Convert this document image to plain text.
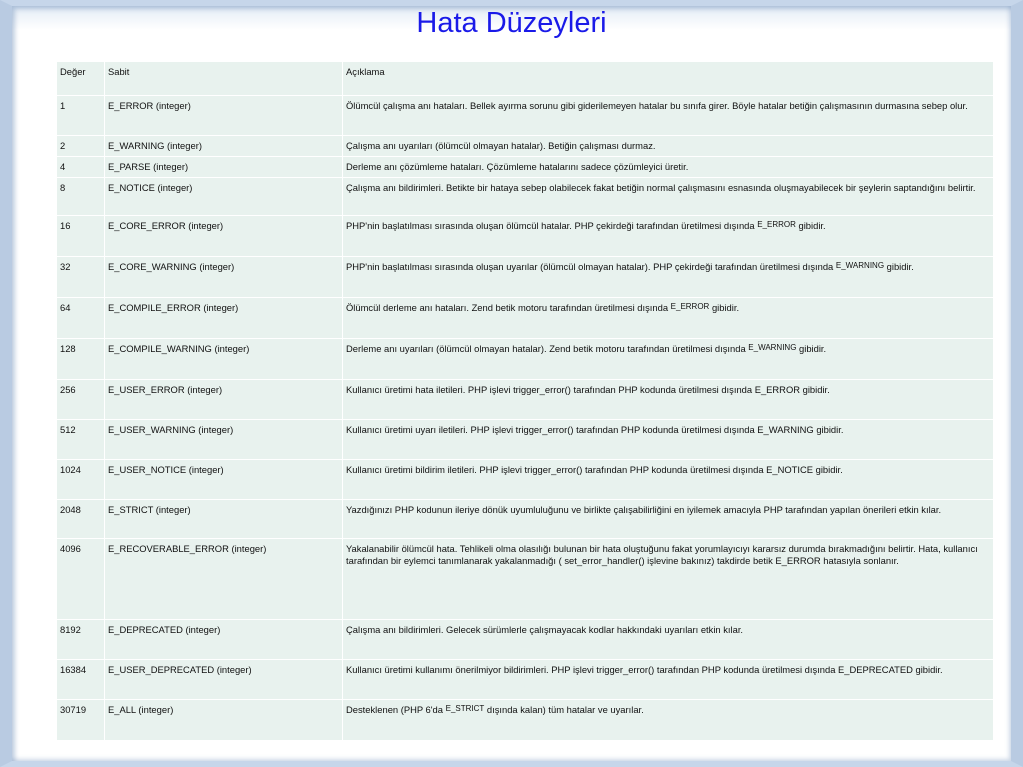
Hata Düzeyleri
Değer	Sabit	Açıklama
1	E_ERROR (integer)	Ölümcül çalışma anı hataları. Bellek ayırma sorunu gibi giderilemeyen hatalar bu sınıfa girer. Böyle hatalar betiğin çalışmasının durmasına sebep olur.
2	E_WARNING (integer)	Çalışma anı uyarıları (ölümcül olmayan hatalar). Betiğin çalışması durmaz.
4	E_PARSE (integer)	Derleme anı çözümleme hataları. Çözümleme hatalarını sadece çözümleyici üretir.
8	E_NOTICE (integer)	Çalışma anı bildirimleri. Betikte bir hataya sebep olabilecek fakat betiğin normal çalışmasını esnasında oluşmayabilecek bir şeylerin saptandığını belirtir.
16	E_CORE_ERROR (integer)	PHP'nin başlatılması sırasında oluşan ölümcül hatalar. PHP çekirdeği tarafından üretilmesi dışında E_ERROR gibidir.
32	E_CORE_WARNING (integer)	PHP'nin başlatılması sırasında oluşan uyarılar (ölümcül olmayan hatalar). PHP çekirdeği tarafından üretilmesi dışında E_WARNING gibidir.
64	E_COMPILE_ERROR (integer)	Ölümcül derleme anı hataları. Zend betik motoru tarafından üretilmesi dışında E_ERROR gibidir.
128	E_COMPILE_WARNING (integer)	Derleme anı uyarıları (ölümcül olmayan hatalar). Zend betik motoru tarafından üretilmesi dışında E_WARNING gibidir.
256	E_USER_ERROR (integer)	Kullanıcı üretimi hata iletileri. PHP işlevi trigger_error() tarafından PHP kodunda üretilmesi dışında E_ERROR gibidir.
512	E_USER_WARNING (integer)	Kullanıcı üretimi uyarı iletileri. PHP işlevi trigger_error() tarafından PHP kodunda üretilmesi dışında E_WARNING gibidir.
1024	E_USER_NOTICE (integer)	Kullanıcı üretimi bildirim iletileri. PHP işlevi trigger_error() tarafından PHP kodunda üretilmesi dışında E_NOTICE gibidir.
2048	E_STRICT (integer)	Yazdığınızı PHP kodunun ileriye dönük uyumluluğunu ve birlikte çalışabilirliğini en iyilemek amacıyla PHP tarafından yapılan önerileri etkin kılar.
4096	E_RECOVERABLE_ERROR (integer)	Yakalanabilir ölümcül hata. Tehlikeli olma olasılığı bulunan bir hata oluştuğunu fakat yorumlayıcıyı kararsız durumda bırakmadığını belirtir. Hata, kullanıcı tarafından bir eylemci tanımlanarak yakalanmadığı ( set_error_handler() işlevine bakınız) takdirde betik E_ERROR hatasıyla sonlanır.
8192	E_DEPRECATED (integer)	Çalışma anı bildirimleri. Gelecek sürümlerle çalışmayacak kodlar hakkındaki uyarıları etkin kılar.
16384	E_USER_DEPRECATED (integer)	Kullanıcı üretimi kullanımı önerilmiyor bildirimleri. PHP işlevi trigger_error() tarafından PHP kodunda üretilmesi dışında E_DEPRECATED gibidir.
30719	E_ALL (integer)	Desteklenen (PHP 6'da E_STRICT dışında kalan) tüm hatalar ve uyarılar.
